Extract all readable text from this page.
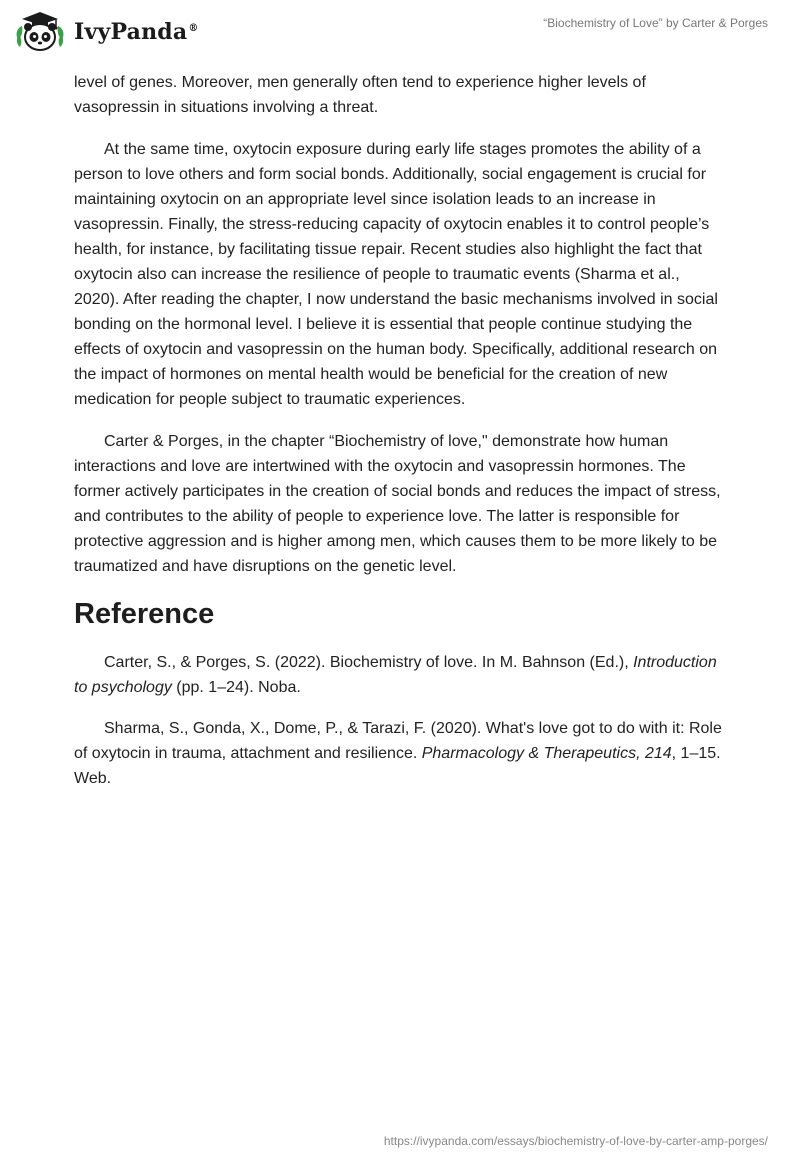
IvyPanda®	“Biochemistry of Love” by Carter & Porges

level of genes. Moreover, men generally often tend to experience higher levels of vasopressin in situations involving a threat.

At the same time, oxytocin exposure during early life stages promotes the ability of a person to love others and form social bonds. Additionally, social engagement is crucial for maintaining oxytocin on an appropriate level since isolation leads to an increase in vasopressin. Finally, the stress-reducing capacity of oxytocin enables it to control people’s health, for instance, by facilitating tissue repair. Recent studies also highlight the fact that oxytocin also can increase the resilience of people to traumatic events (Sharma et al., 2020). After reading the chapter, I now understand the basic mechanisms involved in social bonding on the hormonal level. I believe it is essential that people continue studying the effects of oxytocin and vasopressin on the human body. Specifically, additional research on the impact of hormones on mental health would be beneficial for the creation of new medication for people subject to traumatic experiences.

Carter & Porges, in the chapter “Biochemistry of love," demonstrate how human interactions and love are intertwined with the oxytocin and vasopressin hormones. The former actively participates in the creation of social bonds and reduces the impact of stress, and contributes to the ability of people to experience love. The latter is responsible for protective aggression and is higher among men, which causes them to be more likely to be traumatized and have disruptions on the genetic level.

Reference

Carter, S., & Porges, S. (2022). Biochemistry of love. In M. Bahnson (Ed.), Introduction to psychology (pp. 1–24). Noba.

Sharma, S., Gonda, X., Dome, P., & Tarazi, F. (2020). What's love got to do with it: Role of oxytocin in trauma, attachment and resilience. Pharmacology & Therapeutics, 214, 1–15. Web.

https://ivypanda.com/essays/biochemistry-of-love-by-carter-amp-porges/
